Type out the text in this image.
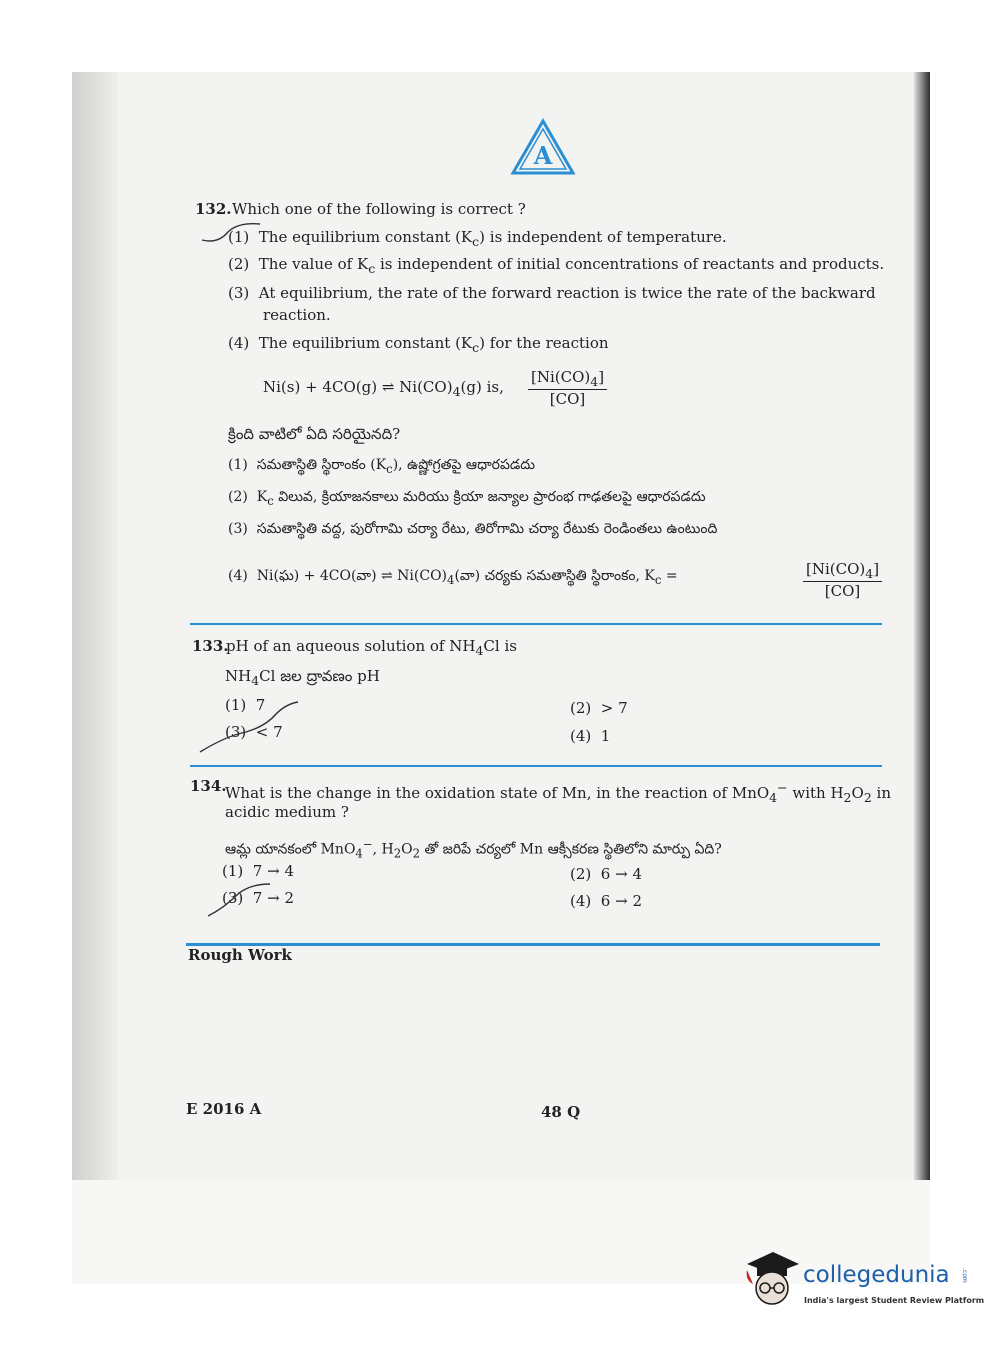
A
132. Which one of the following is correct ?
(1) The equilibrium constant $(K_c)$ is independent of temperature.
(2) The value of $K_c$ is independent of initial concentrations of reactants and products.
(3) At equilibrium, the rate of the forward reaction is twice the rate of the backward
reaction.
(4) The equilibrium constant $(K_c)$ for the reaction
Ni(s) + 4CO(g) ⇌ $Ni(CO)_4(g)$ is, $\frac{[Ni(CO)_4]}{[CO]}$
క్రింది వాటిలో ఏది సరియైనది?
(1) సమతాస్థితి స్థిరాంకం $(K_c)$, ఉష్ణోగ్రతపై ఆధారపడదు
(2) $K_c$ విలువ, క్రియాజనకాలు మరియు క్రియా జన్యాల ప్రారంభ గాఢతలపై ఆధారపడదు
(3) సమతాస్థితి వద్ద, పురోగామి చర్యా రేటు, తిరోగామి చర్యా రేటుకు రెండింతలు ఉంటుంది
(4) Ni(ఘ) + 4CO(వా) ⇌ $Ni(CO)_4(వా)$ చర్యకు సమతాస్థితి స్థిరాంకం, $K_c$ =	$\frac{[Ni(CO)_4]}{[CO]}$
133.
pH of an aqueous solution of $NH_4Cl$ is
$NH_4Cl$ జల ద్రావణం pH
(1) 7	(2) > 7
(3) < 7	(4) 1
134.
What is the change in the oxidation state of Mn, in the reaction of MnO$_4$− with $H_2O_2$ in
acidic medium ?
ఆమ్ల యానకంలో MnO$_4$−, $H_2O_2$ తో జరిపే చర్యలో Mn ఆక్సీకరణ స్థితిలోని మార్పు ఏది?
(1) 7 → 4	(2) 6 → 4
(3) 7 → 2	(4) 6 → 2
Rough Work
E 2016 A	48 Q
collegedunia .com
India's largest Student Review Platform
